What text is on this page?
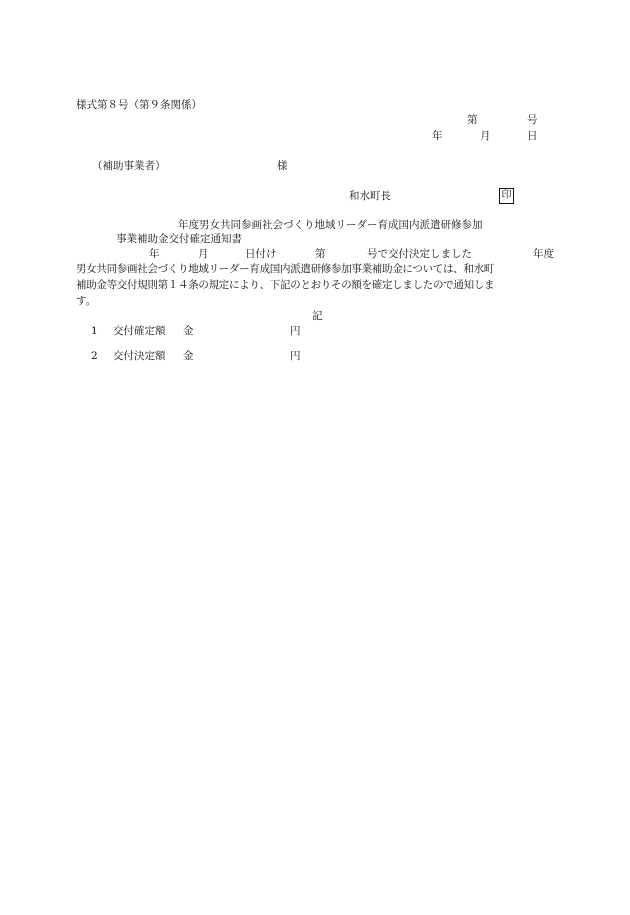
様式第８号（第９条関係）
第	号
年	月	日
（補助事業者）	様
和水町長	印
年度男女共同参画社会づくり地域リーダー育成国内派遣研修参加
事業補助金交付確定通知書
年	月	日付け	第	号で交付決定しました	年度
男女共同参画社会づくり地域リーダー育成国内派遣研修参加事業補助金については、和水町
補助金等交付規則第１４条の規定により、下記のとおりその額を確定しましたので通知しま
す。
記
1 交付確定額 金	円
2 交付決定額 金	円
